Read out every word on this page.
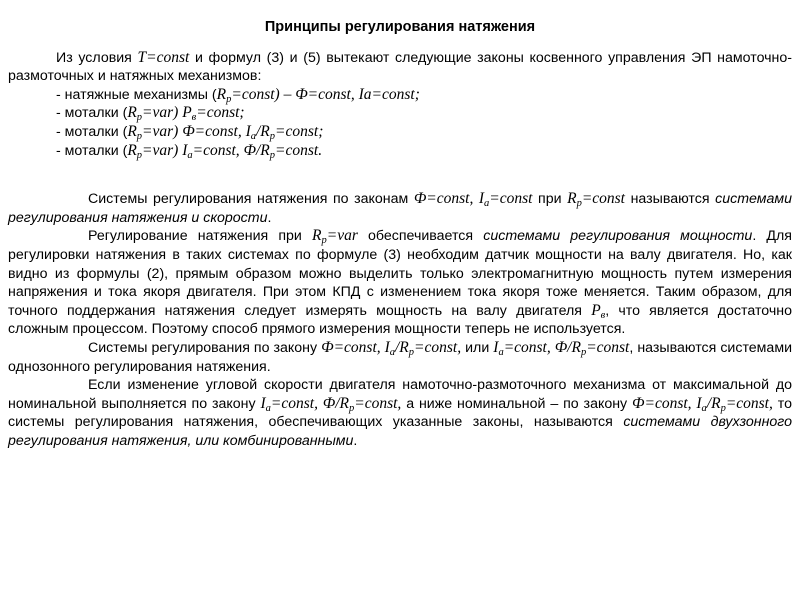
Принципы регулирования натяжения

Из условия T=const и формул (3) и (5) вытекают следующие законы косвенного управления ЭП намоточно-размоточных и натяжных механизмов:

- натяжные механизмы $(R_p=const)$ – Ф=const, Ia=const;

- моталки $(R_p=var)$ $P_в=const$;

- моталки $(R_p=var)$ Ф=const, $I_а/R_p=const$;

- моталки $(R_p=var)$ $I_a=const$, $Ф/R_p=const$.

Системы регулирования натяжения по законам Ф=const, $I_a=const$ при $R_p=const$ называются системами регулирования натяжения и скорости.

Регулирование натяжения при $R_p=var$ обеспечивается системами регулирования мощности. Для регулировки натяжения в таких системах по формуле (3) необходим датчик мощности на валу двигателя. Но, как видно из формулы (2), прямым образом можно выделить только электромагнитную мощность путем измерения напряжения и тока якоря двигателя. При этом КПД с изменением тока якоря тоже меняется. Таким образом, для точного поддержания натяжения следует измерять мощность на валу двигателя $P_в$, что является достаточно сложным процессом. Поэтому способ прямого измерения мощности теперь не используется.

Системы регулирования по закону Ф=const, $I_a/R_p=const$, или $I_a=const$, $Ф/R_p=const$, называются системами однозонного регулирования натяжения.

Если изменение угловой скорости двигателя намоточно-размоточного механизма от максимальной до номинальной выполняется по закону $I_a=const$, $Ф/R_p=const$, а ниже номинальной – по закону Ф=const, $I_a/R_p=const$, то системы регулирования натяжения, обеспечивающих указанные законы, называются системами двухзонного регулирования натяжения, или комбинированными.
